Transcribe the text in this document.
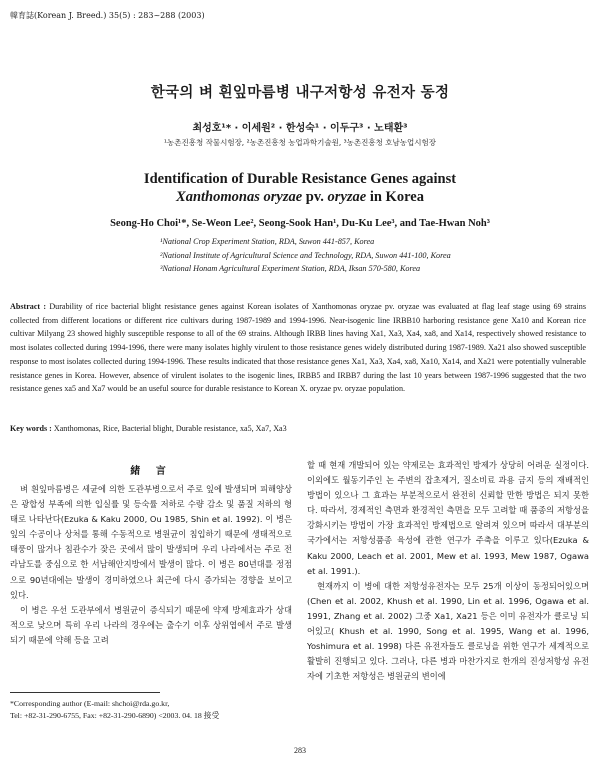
韓育誌(Korean J. Breed.) 35(5) : 283~288 (2003)
한국의 벼 흰잎마름병 내구저항성 유전자 동정
최성호¹* · 이세원² · 한성숙¹ · 이두구³ · 노태환³
¹농촌진흥청 작물시험장, ²농촌진흥청 농업과학기술원, ³농촌진흥청 호남농업시험장
Identification of Durable Resistance Genes against
Xanthomonas oryzae pv. oryzae in Korea
Seong-Ho Choi¹*, Se-Weon Lee², Seong-Sook Han¹, Du-Ku Lee³, and Tae-Hwan Noh³
¹National Crop Experiment Station, RDA, Suwon 441-857, Korea
²National Institute of Agricultural Science and Technology, RDA, Suwon 441-100, Korea
³National Honam Agricultural Experiment Station, RDA, Iksan 570-580, Korea
Abstract : Durability of rice bacterial blight resistance genes against Korean isolates of Xanthomonas oryzae pv. oryzae was evaluated at flag leaf stage using 69 strains collected from different locations or different rice cultivars during 1987-1989 and 1994-1996. Near-isogenic line IRBB10 harboring resistance gene Xa10 and Korean rice cultivar Milyang 23 showed highly susceptible response to all of the 69 strains. Although IRBB lines having Xa1, Xa3, Xa4, xa8, and Xa14, respectively showed resistance to most isolates collected during 1994-1996, there were many isolates highly virulent to those resistance genes widely distributed during 1987-1989. Xa21 also showed susceptible response to most isolates collected during 1994-1996. These results indicated that those resistance genes Xa1, Xa3, Xa4, xa8, Xa10, Xa14, and Xa21 were potentially vulnerable resistance genes in Korea. However, absence of virulent isolates to the isogenic lines, IRBB5 and IRBB7 during the last 10 years between 1987-1996 suggested that the two resistance genes xa5 and Xa7 would be an useful source for durable resistance to Korean X. oryzae pv. oryzae population.
Key words : Xanthomonas, Rice, Bacterial blight, Durable resistance, xa5, Xa7, Xa3
緒 言

벼 흰잎마름병은 세균에 의한 도관부병으로서 주로 잎에 발생되며 피해양상은 광합성 부족에 의한 입실률 및 등숙률 저하로 수량 감소 및 품질 저하의 형태로 나타난다(Ezuka & Kaku 2000, Ou 1985, Shin et al. 1992). 이 병은 잎의 수공이나 상처를 통해 수동적으로 병원균이 침입하기 때문에 생태적으로 태풍이 많거나 침관수가 잦은 곳에서 많이 발생되며 우리 나라에서는 주로 전라남도를 중심으로 한 서남해안지방에서 발생이 많다. 이 병은 80년대를 정점으로 90년대에는 발생이 경미하였으나 최근에 다시 증가되는 경향을 보이고 있다.

이 병은 우선 도관부에서 병원균이 증식되기 때문에 약제 방제효과가 상대적으로 낮으며 특히 우리 나라의 경우에는 출수기 이후 상위엽에서 주로 발생되기 때문에 약해 등을 고려

할 때 현재 개발되어 있는 약제로는 효과적인 방제가 상당히 어려운 실정이다. 이외에도 월동기주인 논 주변의 잡초제거, 질소비료 과용 금지 등의 재배적인 방법이 있으나 그 효과는 부분적으로서 완전히 신뢰할 만한 방법은 되지 못한다. 따라서, 경제적인 측면과 환경적인 측면을 모두 고려할 때 품종의 저항성을 강화시키는 방법이 가장 효과적인 방제법으로 알려져 있으며 따라서 대부분의 국가에서는 저항성품종 육성에 관한 연구가 주축을 이루고 있다(Ezuka & Kaku 2000, Leach et al. 2001, Mew et al. 1993, Mew 1987, Ogawa et al. 1991.).

현재까지 이 병에 대한 저항성유전자는 모두 25개 이상이 동정되어있으며(Chen et al. 2002, Khush et al. 1990, Lin et al. 1996, Ogawa et al. 1991, Zhang et al. 2002) 그중 Xa1, Xa21 등은 이미 유전자가 클로닝 되어있고( Khush et al. 1990, Song et al. 1995, Wang et al. 1996, Yoshimura et al. 1998) 다른 유전자들도 클로닝을 위한 연구가 세계적으로 활발히 진행되고 있다. 그러나, 다른 병과 마찬가지로 한개의 진성저항성 유전자에 기초한 저항성은 병원균의 변이에

*Corresponding author (E-mail: shchoi@rda.go.kr,
Tel: +82-31-290-6755, Fax: +82-31-290-6890) <2003. 04. 18 接受
283
